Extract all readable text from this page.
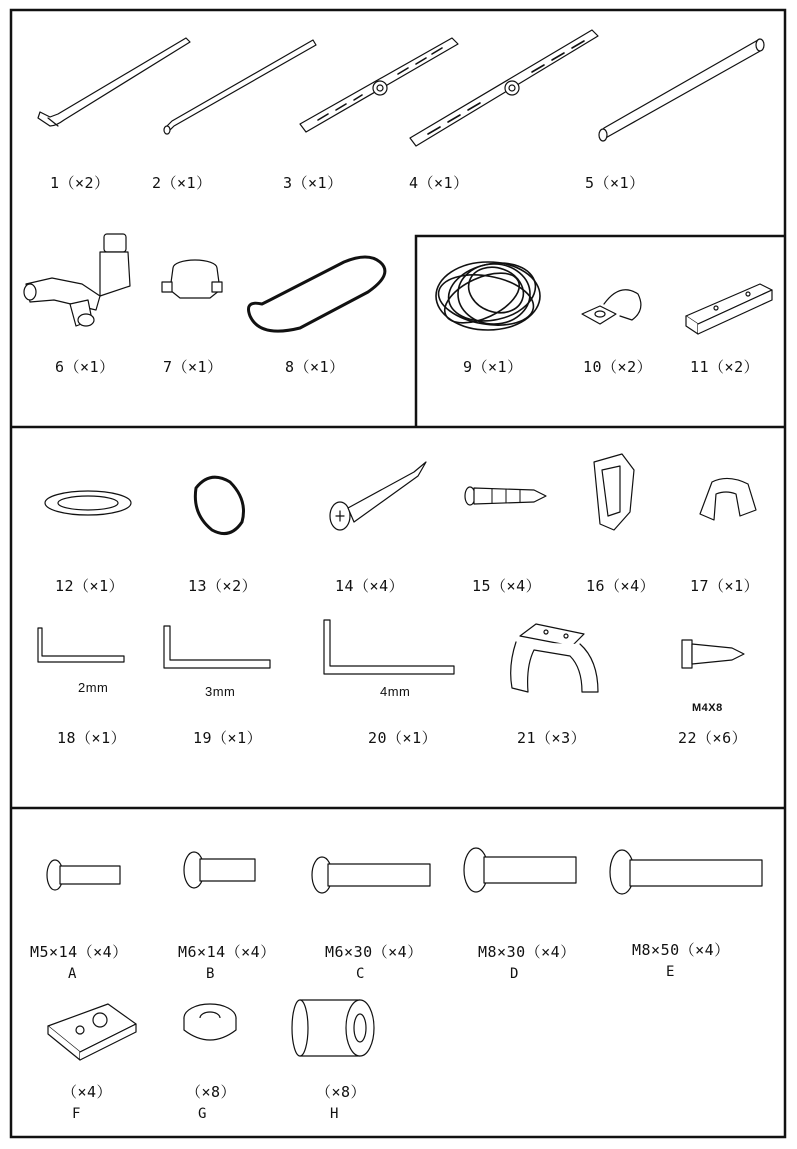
1（×2）	2（×1）	3（×1）	4（×1）	5（×1）
6（×1）	7（×1）	8（×1）	9（×1）	10（×2）	11（×2）
12（×1）	13（×2）	14（×4）	15（×4）	16（×4） 17（×1）
2mm	3mm	4mm
M4X8
18（×1）	19（×1）	20（×1）	21（×3）	22（×6）
M5×14（×4）
A
M6×14（×4）
B
M6×30（×4）
C
M8×30（×4）
D
M8×50（×4）
E
（×4）
F
（×8）
G
（×8）
H
